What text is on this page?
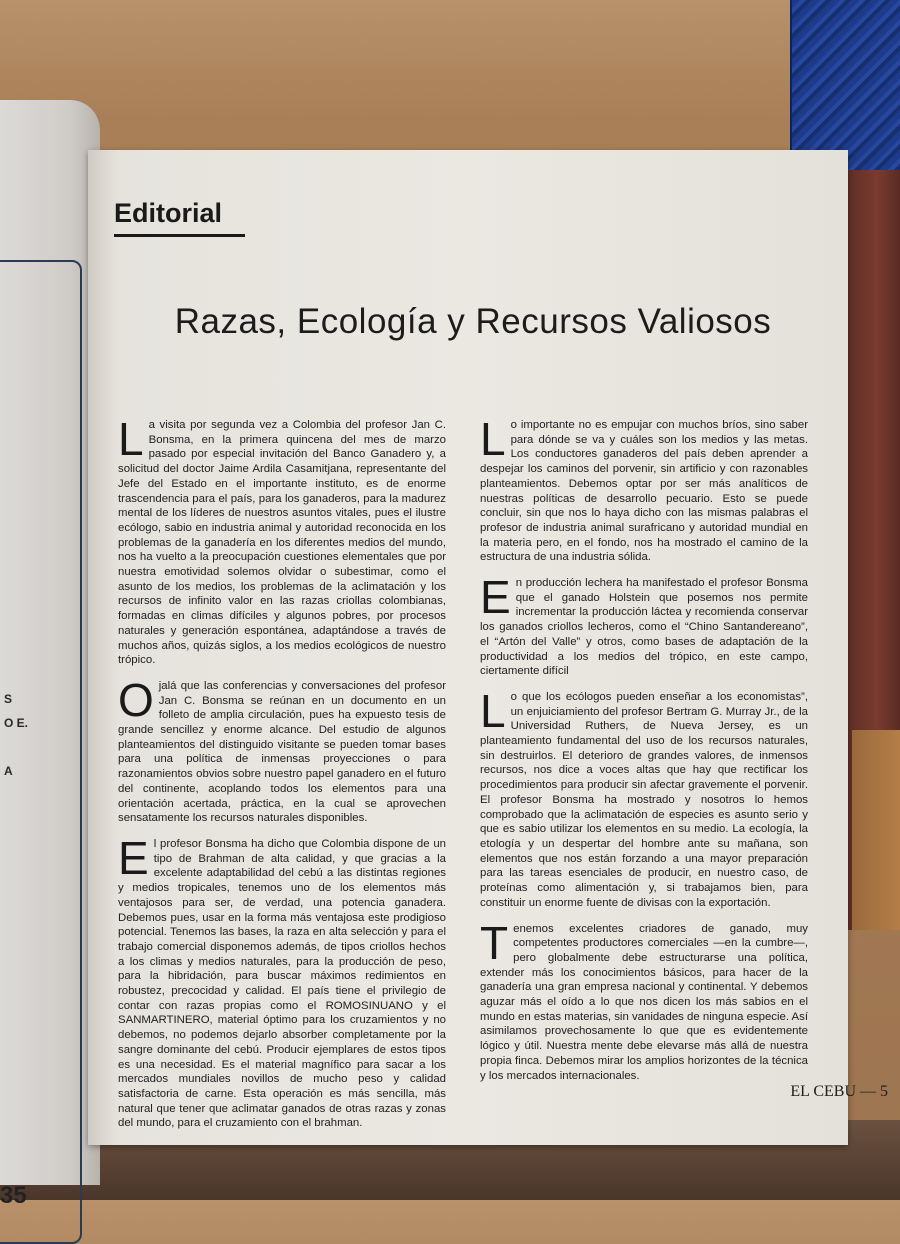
S
O E.
A
35
Editorial
Razas, Ecología y Recursos Valiosos

La visita por segunda vez a Colombia del profesor Jan C. Bonsma, en la primera quincena del mes de marzo pasado por especial invitación del Banco Ganadero y, a solicitud del doctor Jaime Ardila Casamitjana, representante del Jefe del Estado en el importante instituto, es de enorme trascendencia para el país, para los ganaderos, para la madurez mental de los líderes de nuestros asuntos vitales, pues el ilustre ecólogo, sabio en industria animal y autoridad reconocida en los problemas de la ganadería en los diferentes medios del mundo, nos ha vuelto a la preocupación cuestiones elementales que por nuestra emotividad solemos olvidar o subestimar, como el asunto de los medios, los problemas de la aclimatación y los recursos de infinito valor en las razas criollas colombianas, formadas en climas difíciles y algunos pobres, por procesos naturales y generación espontánea, adaptándose a través de muchos años, quizás siglos, a los medios ecológicos de nuestro trópico.

Ojalá que las conferencias y conversaciones del profesor Jan C. Bonsma se reúnan en un documento en un folleto de amplia circulación, pues ha expuesto tesis de grande sencillez y enorme alcance. Del estudio de algunos planteamientos del distinguido visitante se pueden tomar bases para una política de inmensas proyecciones o para razonamientos obvios sobre nuestro papel ganadero en el futuro del continente, acoplando todos los elementos para una orientación acertada, práctica, en la cual se aprovechen sensatamente los recursos naturales disponibles.

El profesor Bonsma ha dicho que Colombia dispone de un tipo de Brahman de alta calidad, y que gracias a la excelente adaptabilidad del cebú a las distintas regiones y medios tropicales, tenemos uno de los elementos más ventajosos para ser, de verdad, una potencia ganadera. Debemos pues, usar en la forma más ventajosa este prodigioso potencial. Tenemos las bases, la raza en alta selección y para el trabajo comercial disponemos además, de tipos criollos hechos a los climas y medios naturales, para la producción de peso, para la hibridación, para buscar máximos redimientos en robustez, precocidad y calidad. El país tiene el privilegio de contar con razas propias como el ROMOSINUANO y el SANMARTINERO, material óptimo para los cruzamientos y no debemos, no podemos dejarlo absorber completamente por la sangre dominante del cebú. Producir ejemplares de estos tipos es una necesidad. Es el material magnífico para sacar a los mercados mundiales novillos de mucho peso y calidad satisfactoria de carne. Esta operación es más sencilla, más natural que tener que aclimatar ganados de otras razas y zonas del mundo, para el cruzamiento con el brahman.

Lo importante no es empujar con muchos bríos, sino saber para dónde se va y cuáles son los medios y las metas. Los conductores ganaderos del país deben aprender a despejar los caminos del porvenir, sin artificio y con razonables planteamientos. Debemos optar por ser más analíticos de nuestras políticas de desarrollo pecuario. Esto se puede concluir, sin que nos lo haya dicho con las mismas palabras el profesor de industria animal surafricano y autoridad mundial en la materia pero, en el fondo, nos ha mostrado el camino de la estructura de una industria sólida.

En producción lechera ha manifestado el profesor Bonsma que el ganado Holstein que posemos nos permite incrementar la producción láctea y recomienda conservar los ganados criollos lecheros, como el “Chino Santandereano”, el “Artón del Valle” y otros, como bases de adaptación de la productividad a los medios del trópico, en este campo, ciertamente difícil

Lo que los ecólogos pueden enseñar a los economistas”, un enjuiciamiento del profesor Bertram G. Murray Jr., de la Universidad Ruthers, de Nueva Jersey, es un planteamiento fundamental del uso de los recursos naturales, sin destruirlos. El deterioro de grandes valores, de inmensos recursos, nos dice a voces altas que hay que rectificar los procedimientos para producir sin afectar gravemente el porvenir. El profesor Bonsma ha mostrado y nosotros lo hemos comprobado que la aclimatación de especies es asunto serio y que es sabio utilizar los elementos en su medio. La ecología, la etología y un despertar del hombre ante su mañana, son elementos que nos están forzando a una mayor preparación para las tareas esenciales de producir, en nuestro caso, de proteínas como alimentación y, si trabajamos bien, para constituir un enorme fuente de divisas con la exportación.

Tenemos excelentes criadores de ganado, muy competentes productores comerciales —en la cumbre—, pero globalmente debe estructurarse una política, extender más los conocimientos básicos, para hacer de la ganadería una gran empresa nacional y continental. Y debemos aguzar más el oído a lo que nos dicen los más sabios en el mundo en estas materias, sin vanidades de ninguna especie. Así asimilamos provechosamente lo que que es evidentemente lógico y útil. Nuestra mente debe elevarse más allá de nuestra propia finca. Debemos mirar los amplios horizontes de la técnica y los mercados internacionales.

EL CEBU — 5
